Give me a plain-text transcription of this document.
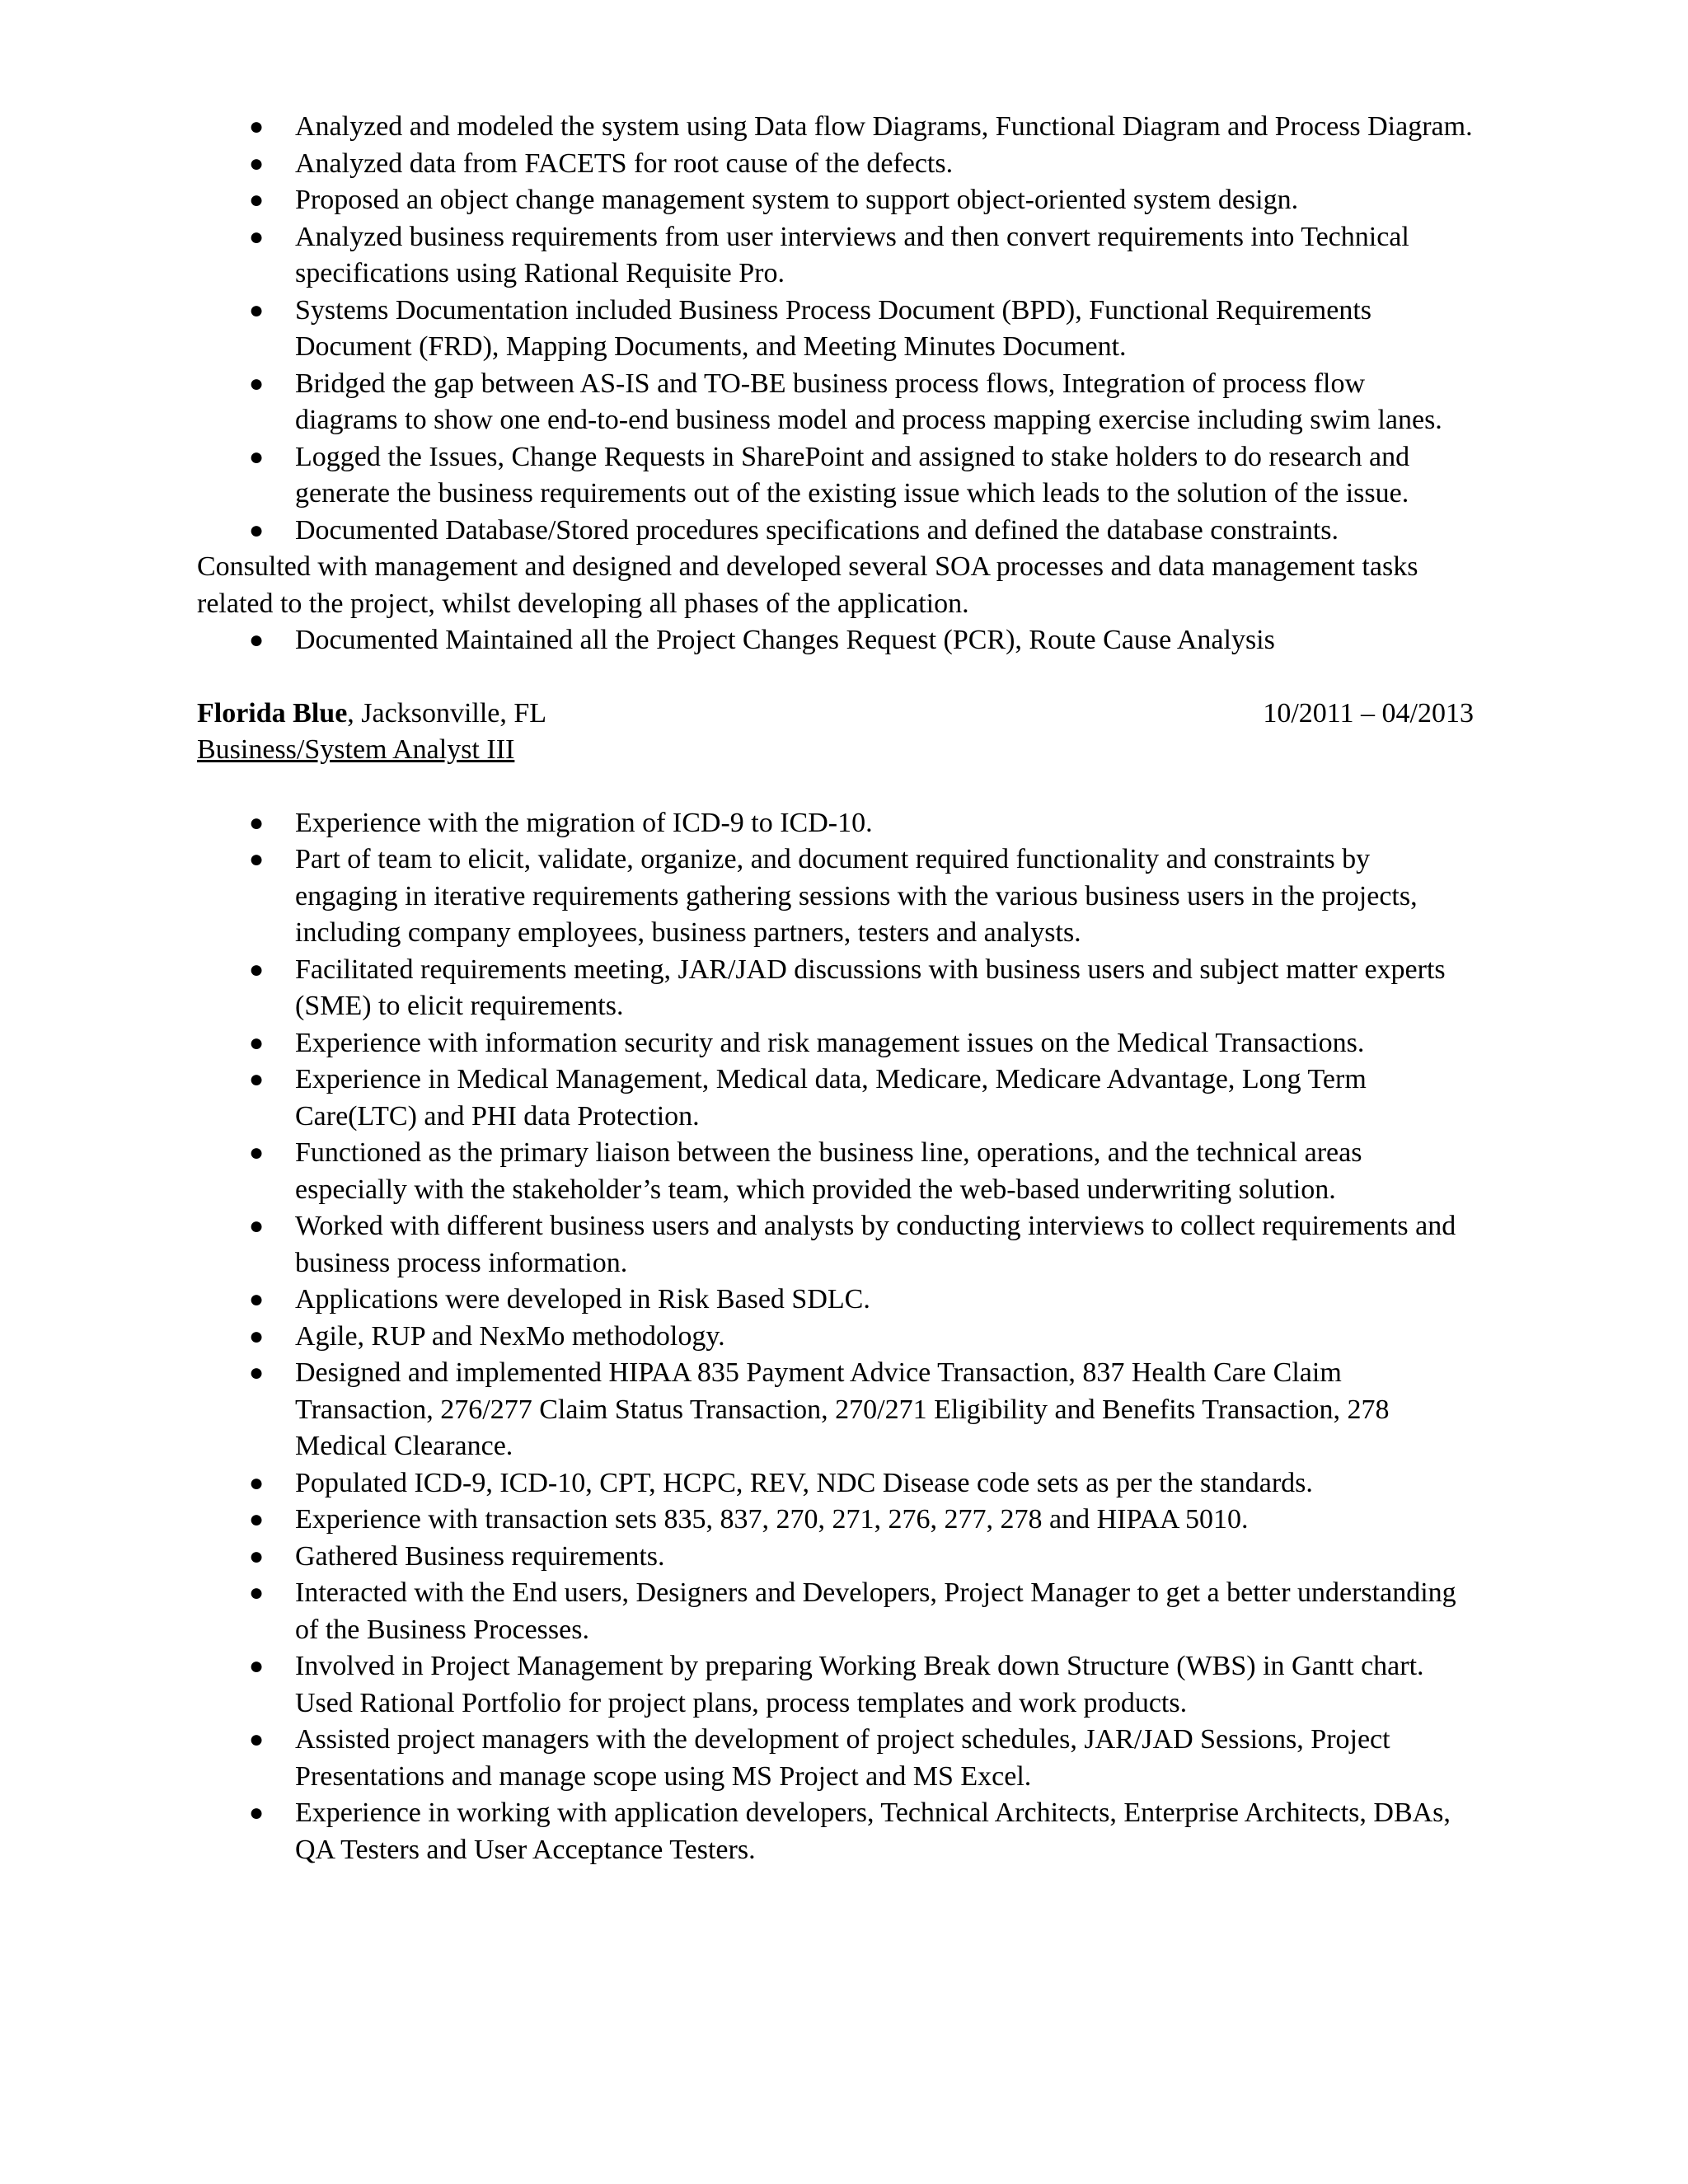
● Analyzed and modeled the system using Data flow Diagrams, Functional Diagram and Process Diagram.
● Analyzed data from FACETS for root cause of the defects.
● Proposed an object change management system to support object-oriented system design.
● Analyzed business requirements from user interviews and then convert requirements into Technical specifications using Rational Requisite Pro.
● Systems Documentation included Business Process Document (BPD), Functional Requirements Document (FRD), Mapping Documents, and Meeting Minutes Document.
● Bridged the gap between AS-IS and TO-BE business process flows, Integration of process flow diagrams to show one end-to-end business model and process mapping exercise including swim lanes.
● Logged the Issues, Change Requests in SharePoint and assigned to stake holders to do research and generate the business requirements out of the existing issue which leads to the solution of the issue.
● Documented Database/Stored procedures specifications and defined the database constraints.

Consulted with management and designed and developed several SOA processes and data management tasks related to the project, whilst developing all phases of the application.

● Documented Maintained all the Project Changes Request (PCR), Route Cause Analysis
Florida Blue, Jacksonville, FL	10/2011 – 04/2013

Business/System Analyst III

● Experience with the migration of ICD-9 to ICD-10.
● Part of team to elicit, validate, organize, and document required functionality and constraints by engaging in iterative requirements gathering sessions with the various business users in the projects, including company employees, business partners, testers and analysts.
● Facilitated requirements meeting, JAR/JAD discussions with business users and subject matter experts (SME) to elicit requirements.
● Experience with information security and risk management issues on the Medical Transactions.
● Experience in Medical Management, Medical data, Medicare, Medicare Advantage, Long Term Care(LTC) and PHI data Protection.
● Functioned as the primary liaison between the business line, operations, and the technical areas especially with the stakeholder’s team, which provided the web-based underwriting solution.
● Worked with different business users and analysts by conducting interviews to collect requirements and business process information.
● Applications were developed in Risk Based SDLC.
● Agile, RUP and NexMo methodology.
● Designed and implemented HIPAA 835 Payment Advice Transaction, 837 Health Care Claim Transaction, 276/277 Claim Status Transaction, 270/271 Eligibility and Benefits Transaction, 278 Medical Clearance.
● Populated ICD-9, ICD-10, CPT, HCPC, REV, NDC Disease code sets as per the standards.
● Experience with transaction sets 835, 837, 270, 271, 276, 277, 278 and HIPAA 5010.
● Gathered Business requirements.
● Interacted with the End users, Designers and Developers, Project Manager to get a better understanding of the Business Processes.
● Involved in Project Management by preparing Working Break down Structure (WBS) in Gantt chart. Used Rational Portfolio for project plans, process templates and work products.
● Assisted project managers with the development of project schedules, JAR/JAD Sessions, Project Presentations and manage scope using MS Project and MS Excel.
● Experience in working with application developers, Technical Architects, Enterprise Architects, DBAs, QA Testers and User Acceptance Testers.
